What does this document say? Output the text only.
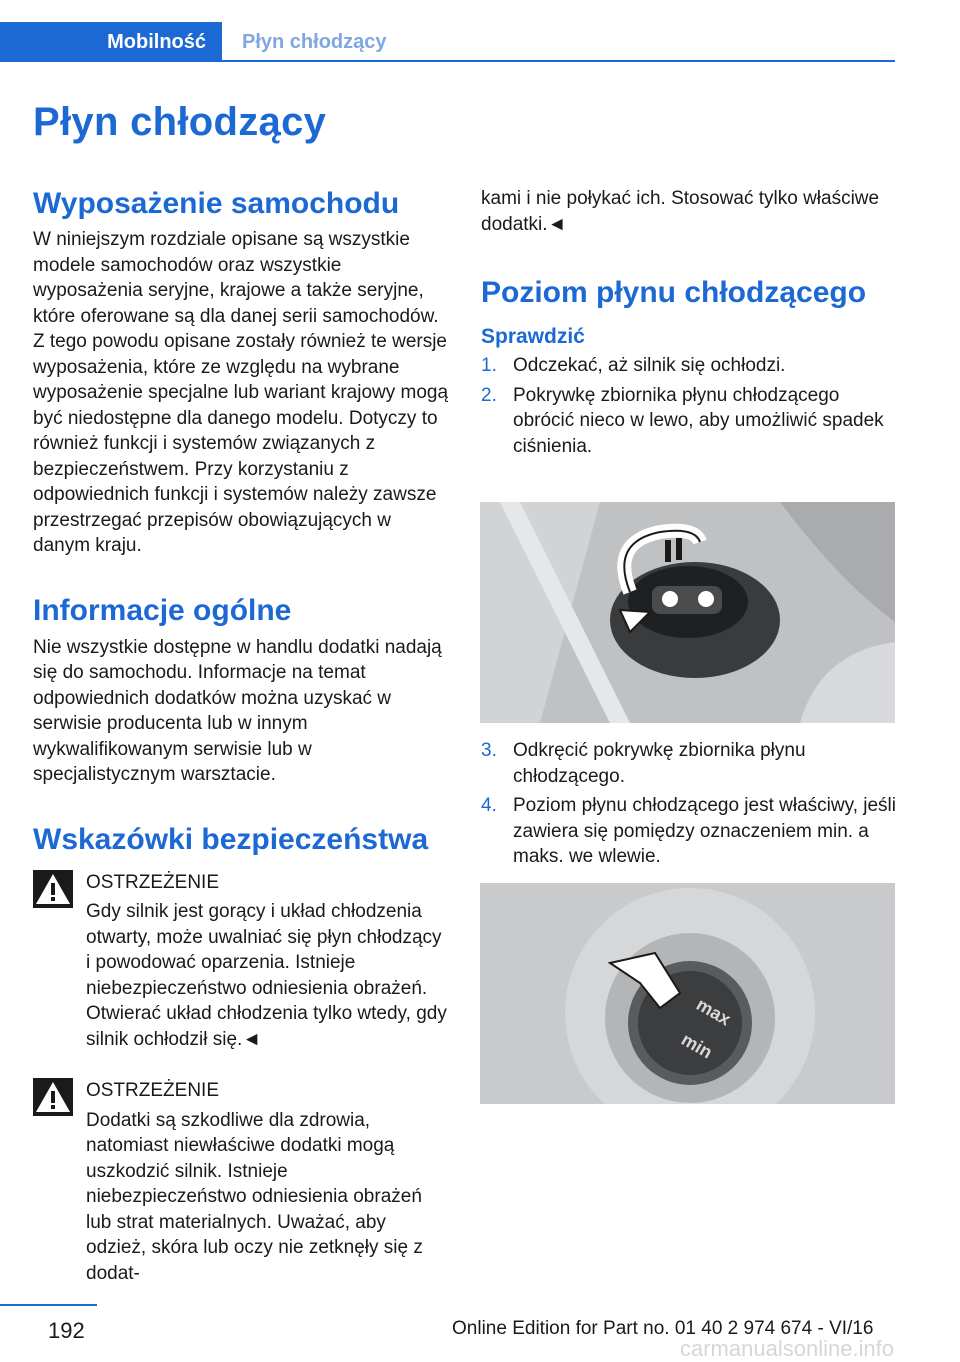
Mobilność Płyn chłodzący
Płyn chłodzący
Wyposażenie samochodu

W niniejszym rozdziale opisane są wszystkie modele samochodów oraz wszystkie wyposażenia seryjne, krajowe a także seryjne, które oferowane są dla danej serii samochodów. Z tego powodu opisane zostały również te wersje wyposażenia, które ze względu na wybrane wyposażenie specjalne lub wariant krajowy mogą być niedostępne dla danego modelu. Dotyczy to również funkcji i systemów związanych z bezpieczeństwem. Przy korzystaniu z odpowiednich funkcji i systemów należy zawsze przestrzegać przepisów obowiązujących w danym kraju.

Informacje ogólne

Nie wszystkie dostępne w handlu dodatki nadają się do samochodu. Informacje na temat odpowiednich dodatków można uzyskać w serwisie producenta lub w innym wykwalifikowanym serwisie lub w specjalistycznym warsztacie.

Wskazówki bezpieczeństwa
OSTRZEŻENIE

Gdy silnik jest gorący i układ chłodzenia otwarty, może uwalniać się płyn chłodzący i powodować oparzenia. Istnieje niebezpieczeństwo odniesienia obrażeń. Otwierać układ chłodzenia tylko wtedy, gdy silnik ochłodził się.◄

OSTRZEŻENIE

Dodatki są szkodliwe dla zdrowia, natomiast niewłaściwe dodatki mogą uszkodzić silnik. Istnieje niebezpieczeństwo odniesienia obrażeń lub strat materialnych. Uważać, aby odzież, skóra lub oczy nie zetknęły się z dodat-

kami i nie połykać ich. Stosować tylko właściwe dodatki.◄

Poziom płynu chłodzącego
Sprawdzić
1. Odczekać, aż silnik się ochłodzi.
2. Pokrywkę zbiornika płynu chłodzącego obrócić nieco w lewo, aby umożliwić spadek ciśnienia.
3. Odkręcić pokrywkę zbiornika płynu chłodzącego.
4. Poziom płynu chłodzącego jest właściwy, jeśli zawiera się pomiędzy oznaczeniem min. a maks. we wlewie.
max
min
192	Online Edition for Part no. 01 40 2 974 674 - VI/16
carmanualsonline.info
